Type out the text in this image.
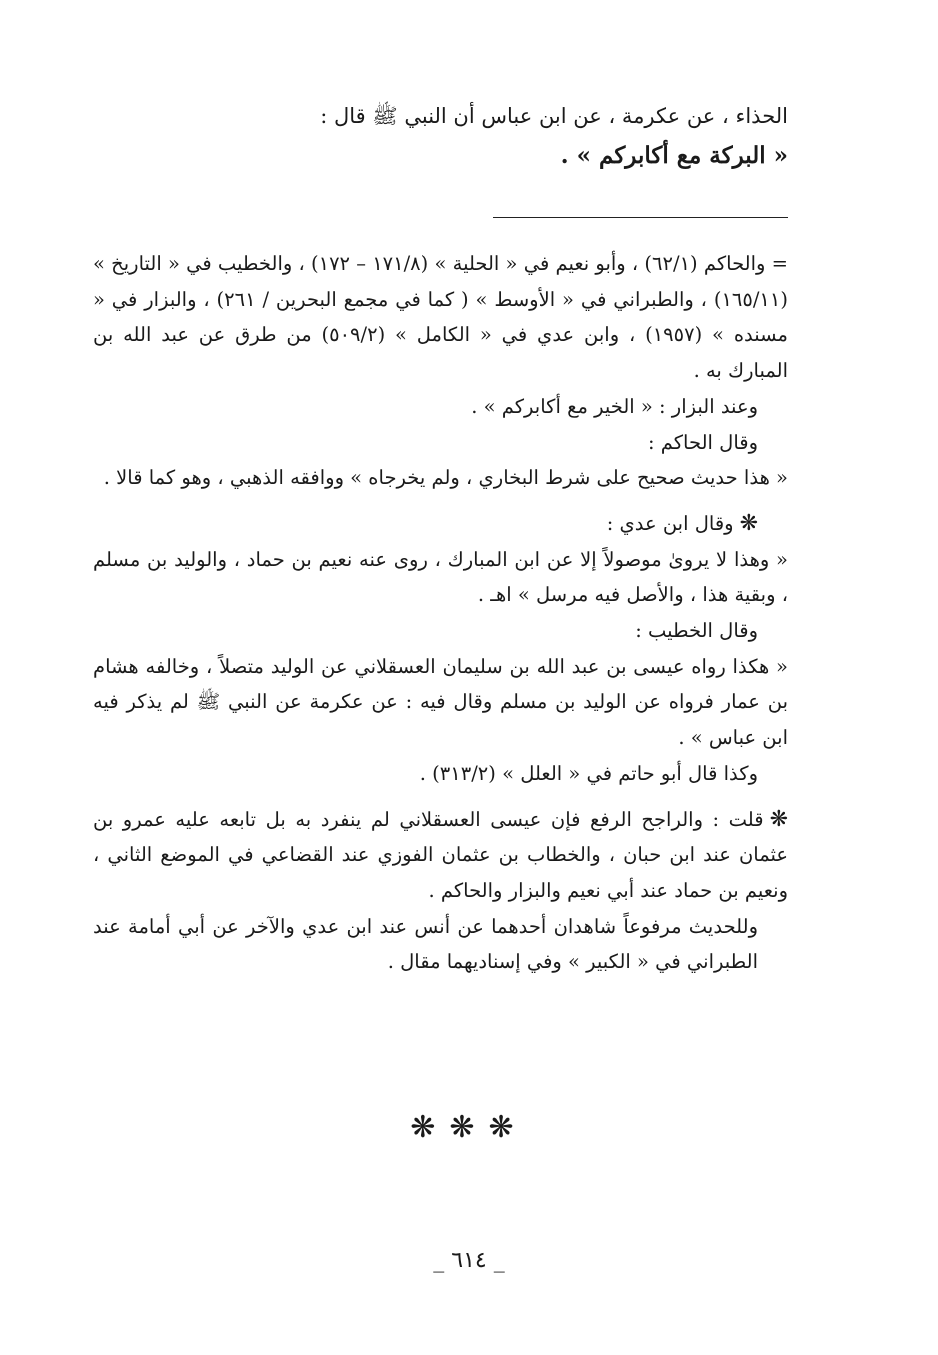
الحذاء ، عن عكرمة ، عن ابن عباس أن النبي ﷺ قال :
« البركة مع أكابركم » .

= والحاكم (٦٢/١) ، وأبو نعيم في « الحلية » (١٧١/٨ – ١٧٢) ، والخطيب في « التاريخ » (١٦٥/١١) ، والطبراني في « الأوسط » ( كما في مجمع البحرين / ٢٦١) ، والبزار في « مسنده » (١٩٥٧) ، وابن عدي في « الكامل » (٥٠٩/٢) من طرق عن عبد الله بن المبارك به .

وعند البزار : « الخير مع أكابركم » .

وقال الحاكم :

« هذا حديث صحيح على شرط البخاري ، ولم يخرجاه » ووافقه الذهبي ، وهو كما قالا .

❋وقال ابن عدي :

« وهذا لا يروىٰ موصولاً إلا عن ابن المبارك ، روى عنه نعيم بن حماد ، والوليد بن مسلم ، وبقية هذا ، والأصل فيه مرسل » اهـ .

وقال الخطيب :

« هكذا رواه عيسى بن عبد الله بن سليمان العسقلاني عن الوليد متصلاً ، وخالفه هشام بن عمار فرواه عن الوليد بن مسلم وقال فيه : عن عكرمة عن النبي ﷺ لم يذكر فيه ابن عباس » .

وكذا قال أبو حاتم في « العلل » (٣١٣/٢) .

❋قلت : والراجح الرفع فإن عيسى العسقلاني لم ينفرد به بل تابعه عليه عمرو بن عثمان عند ابن حبان ، والخطاب بن عثمان الفوزي عند القضاعي في الموضع الثاني ، ونعيم بن حماد عند أبي نعيم والبزار والحاكم .

وللحديث مرفوعاً شاهدان أحدهما عن أنس عند ابن عدي والآخر عن أبي أمامة عند الطبراني في « الكبير » وفي إسناديهما مقال .

❋❋❋
_ ٦١٤ _
